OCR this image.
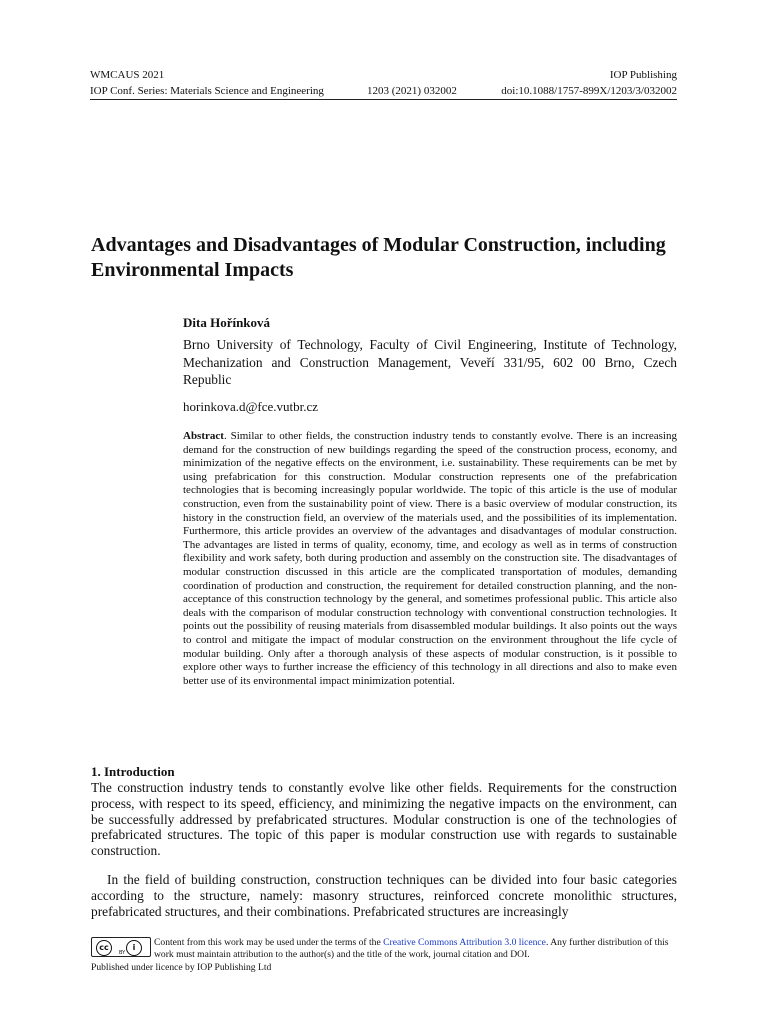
WMCAUS 2021	IOP Publishing
IOP Conf. Series: Materials Science and Engineering	1203 (2021) 032002	doi:10.1088/1757-899X/1203/3/032002
Advantages and Disadvantages of Modular Construction, including Environmental Impacts
Dita Hořínková

Brno University of Technology, Faculty of Civil Engineering, Institute of Technology, Mechanization and Construction Management, Veveří 331/95, 602 00 Brno, Czech Republic

horinkova.d@fce.vutbr.cz

Abstract. Similar to other fields, the construction industry tends to constantly evolve. There is an increasing demand for the construction of new buildings regarding the speed of the construction process, economy, and minimization of the negative effects on the environment, i.e. sustainability. These requirements can be met by using prefabrication for this construction. Modular construction represents one of the prefabrication technologies that is becoming increasingly popular worldwide. The topic of this article is the use of modular construction, even from the sustainability point of view. There is a basic overview of modular construction, its history in the construction field, an overview of the materials used, and the possibilities of its implementation. Furthermore, this article provides an overview of the advantages and disadvantages of modular construction. The advantages are listed in terms of quality, economy, time, and ecology as well as in terms of construction flexibility and work safety, both during production and assembly on the construction site. The disadvantages of modular construction discussed in this article are the complicated transportation of modules, demanding coordination of production and construction, the requirement for detailed construction planning, and the non-acceptance of this construction technology by the general, and sometimes professional public. This article also deals with the comparison of modular construction technology with conventional construction technologies. It points out the possibility of reusing materials from disassembled modular buildings. It also points out the ways to control and mitigate the impact of modular construction on the environment throughout the life cycle of modular building. Only after a thorough analysis of these aspects of modular construction, is it possible to explore other ways to further increase the efficiency of this technology in all directions and also to make even better use of its environmental impact minimization potential.

1. Introduction

The construction industry tends to constantly evolve like other fields. Requirements for the construction process, with respect to its speed, efficiency, and minimizing the negative impacts on the environment, can be successfully addressed by prefabricated structures. Modular construction is one of the technologies of prefabricated structures. The topic of this paper is modular construction use with regards to sustainable construction.

In the field of building construction, construction techniques can be divided into four basic categories according to the structure, namely: masonry structures, reinforced concrete monolithic structures, prefabricated structures, and their combinations. Prefabricated structures are increasingly

cc	i
BY

Content from this work may be used under the terms of the Creative Commons Attribution 3.0 licence. Any further distribution of this work must maintain attribution to the author(s) and the title of the work, journal citation and DOI.

Published under licence by IOP Publishing Ltd
